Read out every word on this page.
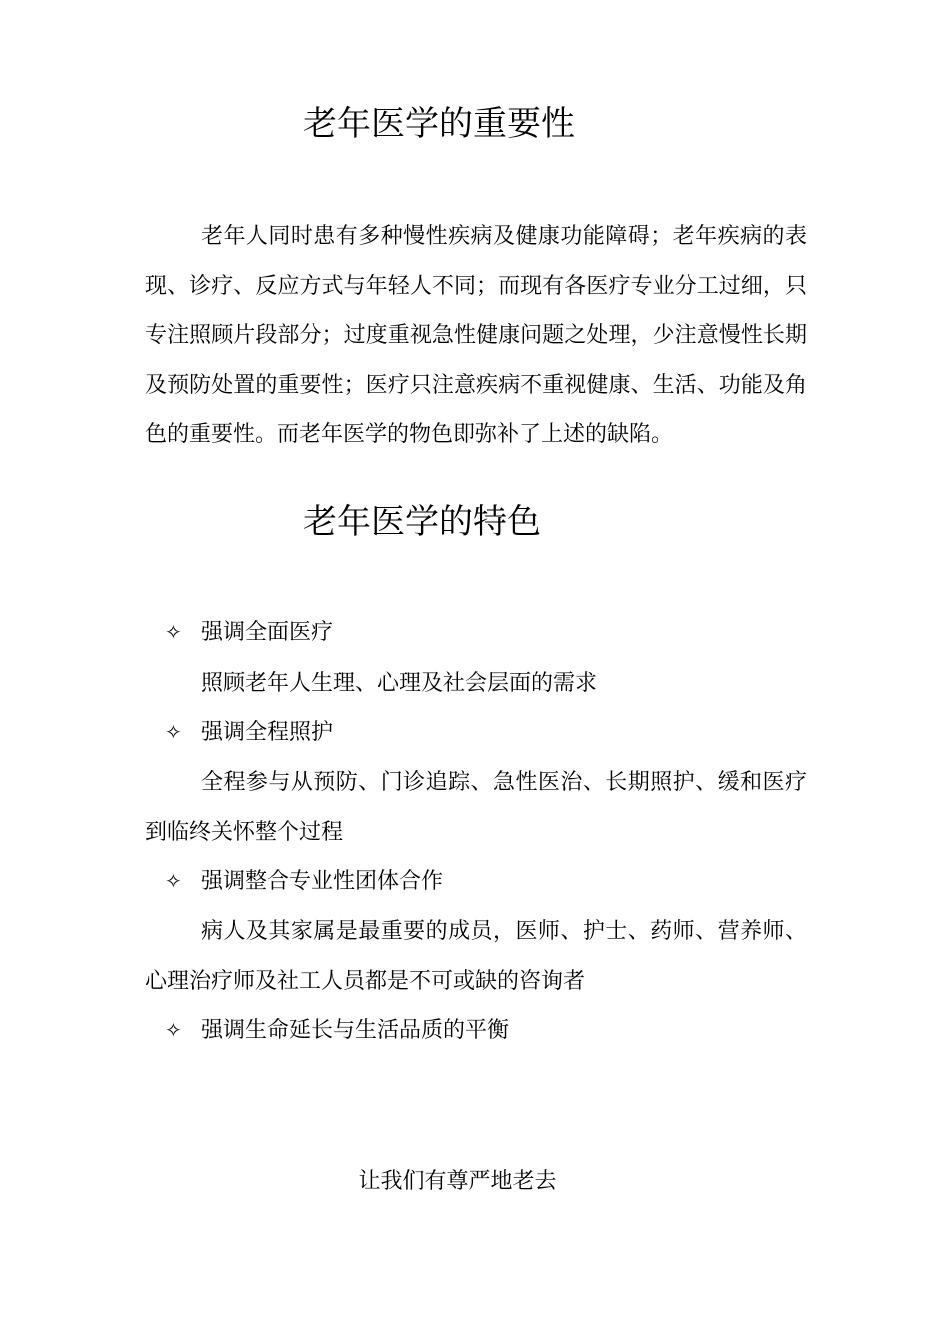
老年医学的重要性

老年人同时患有多种慢性疾病及健康功能障碍；老年疾病的表现、诊疗、反应方式与年轻人不同；而现有各医疗专业分工过细，只专注照顾片段部分；过度重视急性健康问题之处理，少注意慢性长期及预防处置的重要性；医疗只注意疾病不重视健康、生活、功能及角色的重要性。而老年医学的物色即弥补了上述的缺陷。

老年医学的特色
✧ 强调全面医疗

照顾老年人生理、心理及社会层面的需求

✧ 强调全程照护

全程参与从预防、门诊追踪、急性医治、长期照护、缓和医疗到临终关怀整个过程

✧ 强调整合专业性团体合作

病人及其家属是最重要的成员，医师、护士、药师、营养师、心理治疗师及社工人员都是不可或缺的咨询者

✧ 强调生命延长与生活品质的平衡
让我们有尊严地老去
